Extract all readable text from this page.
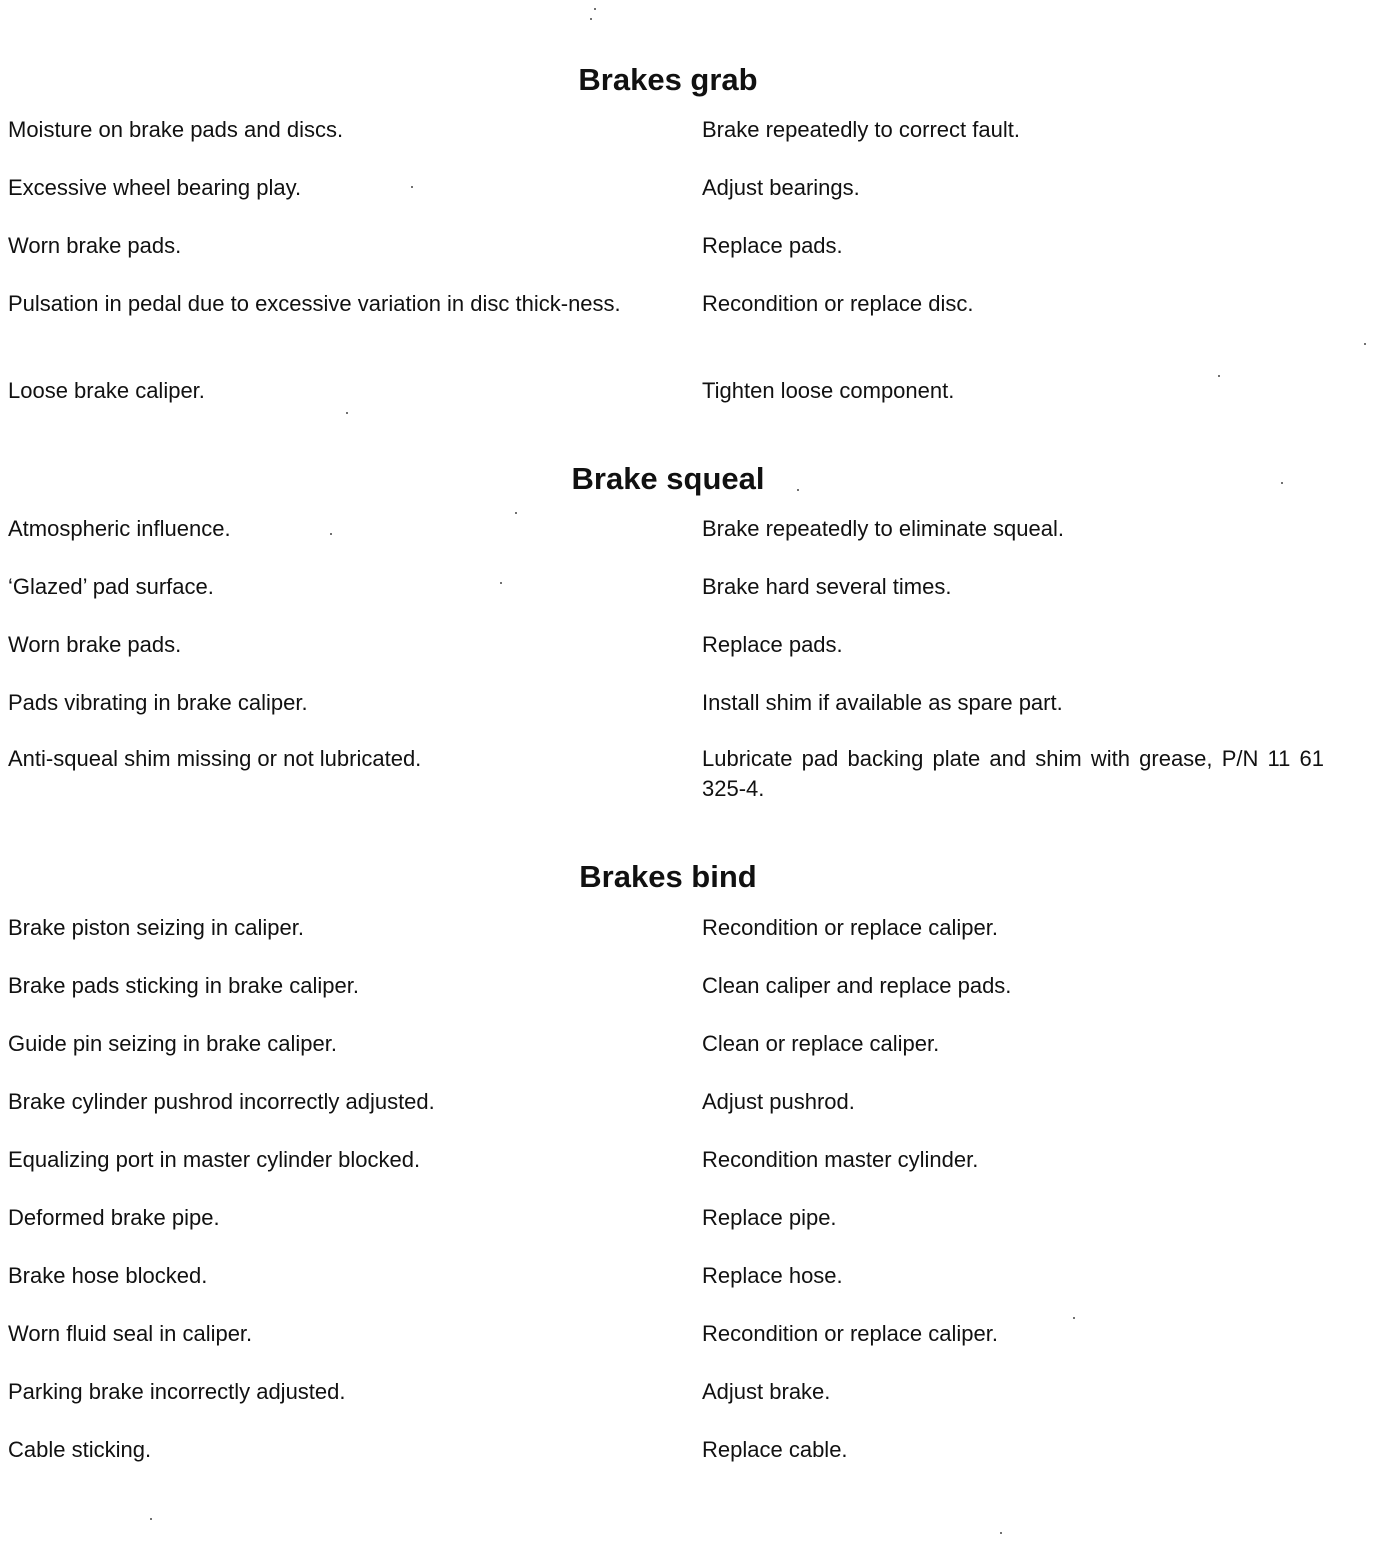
Brakes grab

Moisture on brake pads and discs.	Brake repeatedly to correct fault.

Excessive wheel bearing play.	Adjust bearings.

Worn brake pads.	Replace pads.

Pulsation in pedal due to excessive variation in disc thick-ness.	Recondition or replace disc.

Loose brake caliper.	Tighten loose component.

Brake squeal

Atmospheric influence.	Brake repeatedly to eliminate squeal.

‘Glazed’ pad surface.	Brake hard several times.

Worn brake pads.	Replace pads.

Pads vibrating in brake caliper.	Install shim if available as spare part.

Anti-squeal shim missing or not lubricated.	Lubricate pad backing plate and shim with grease, P/N 11 61 325-4.

Brakes bind

Brake piston seizing in caliper.	Recondition or replace caliper.

Brake pads sticking in brake caliper.	Clean caliper and replace pads.

Guide pin seizing in brake caliper.	Clean or replace caliper.

Brake cylinder pushrod incorrectly adjusted.	Adjust pushrod.

Equalizing port in master cylinder blocked.	Recondition master cylinder.

Deformed brake pipe.	Replace pipe.

Brake hose blocked.	Replace hose.

Worn fluid seal in caliper.	Recondition or replace caliper.

Parking brake incorrectly adjusted.	Adjust brake.

Cable sticking.	Replace cable.
